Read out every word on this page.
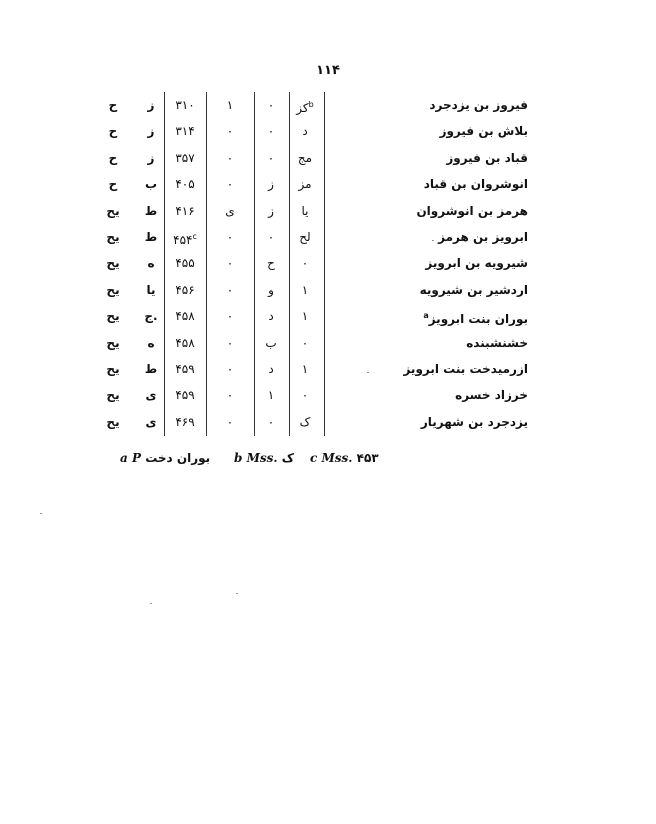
۱۱۴
فیروز بن یزدجرد
کز$^b$
۰
۱
۳۱۰
ز
ح
بلاش بن فیروز
د
۰
۰
۳۱۴
ز
ح
قباد بن فیروز
مج
۰
۰
۳۵۷
ز
ح
انوشروان بن قباد
مز
ز
۰
۴۰۵
ب
ح
هرمز بن انوشروان
یا
ز
ی
۴۱۶
ط
یح
ابرویز بن هرمز
لح
۰
۰
۴۵۴$^c$
ط
یح
شیرویه بن ابرویز
۰
ح
۰
۴۵۵
ه
یح
اردشیر بن شیرویه
۱
و
۰
۴۵۶
یا
یح
بوران بنت ابرویز$^a$
۱
د
۰
۴۵۸
ج.
یح
خشنشبنده
۰
ب
۰
۴۵۸
ه
یح
ازرمیدخت بنت ابرویز
۱
د
۰
۴۵۹
ط
یح
خرزاد خسره
۰
۱
۰
۴۵۹
ی
یح
یزدجرد بن شهریار
ک
۰
۰
۴۶۹
ی
یح
c Mss. ۴۵۳
b Mss. ک
a P بوران دخت
